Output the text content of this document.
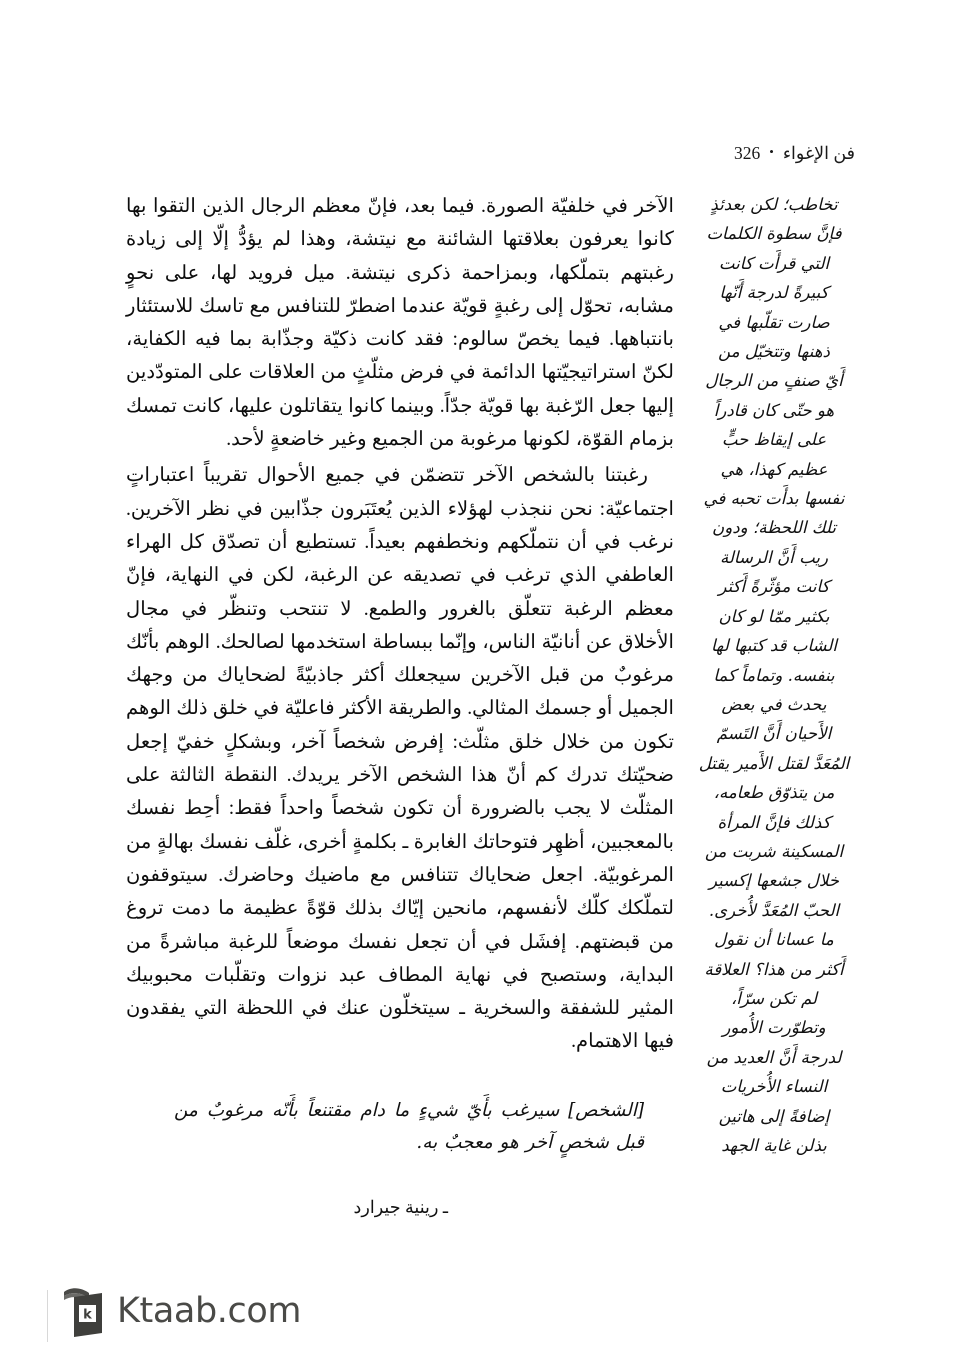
فن الإغواء
•
326

الآخر في خلفيّة الصورة. فيما بعد، فإنّ معظم الرجال الذين التقوا بها كانوا يعرفون بعلاقتها الشائنة مع نيتشة، وهذا لم يؤدُّ إلّا إلى زيادة رغبتهم بتملّكها، وبمزاحمة ذكرى نيتشة. ميل فرويد لها، على نحوٍ مشابه، تحوّل إلى رغبةٍ قويّة عندما اضطرّ للتنافس مع تاسك للاستئثار بانتباهها. فيما يخصّ سالوم: فقد كانت ذكيّة وجذّابة بما فيه الكفاية، لكنّ استراتيجيّتها الدائمة في فرض مثلّثٍ من العلاقات على المتودّدين إليها جعل الرّغبة بها قويّة جدّاً. وبينما كانوا يتقاتلون عليها، كانت تمسك بزمام القوّة، لكونها مرغوبة من الجميع وغير خاضعةٍ لأحد.

رغبتنا بالشخص الآخر تتضمّن في جميع الأحوال تقريباً اعتباراتٍ اجتماعيّة: نحن ننجذب لهؤلاء الذين يُعتَبَرون جذّابين في نظر الآخرين. نرغب في أن نتملّكهم ونخطفهم بعيداً. تستطيع أن تصدّق كل الهراء العاطفي الذي ترغب في تصديقه عن الرغبة، لكن في النهاية، فإنّ معظم الرغبة تتعلّق بالغرور والطمع. لا تنتحب وتنظّر في مجال الأخلاق عن أنانيّة الناس، وإنّما ببساطة استخدمها لصالحك. الوهم بأنّك مرغوبٌ من قبل الآخرين سيجعلك أكثر جاذبيّةً لضحاياك من وجهك الجميل أو جسمك المثالي. والطريقة الأكثر فاعليّة في خلق ذلك الوهم تكون من خلال خلق مثلّث: إفرض شخصاً آخر، وبشكلٍ خفيّ إجعل ضحيّتك تدرك كم أنّ هذا الشخص الآخر يريدك. النقطة الثالثة على المثلّث لا يجب بالضرورة أن تكون شخصاً واحداً فقط: أحِط نفسك بالمعجبين، أظهِر فتوحاتك الغابرة ـ بكلمةٍ أخرى، غلّف نفسك بهالةٍ من المرغوبيّة. اجعل ضحاياك تتنافس مع ماضيك وحاضرك. سيتوقفون لتملّكك كلّك لأنفسهم، مانحين إيّاك بذلك قوّةً عظيمة ما دمت تروغ من قبضتهم. إفشَل في أن تجعل نفسك موضعاً للرغبة مباشرةً من البداية، وستصبح في نهاية المطاف عبد نزوات وتقلّبات محبوبيك المثير للشفقة والسخرية ـ سيتخلّون عنك في اللحظة التي يفقدون فيها الاهتمام.

تخاطب؛ لكن بعدئذٍ

فإنَّ سطوة الكلمات

التي قرأَت كانت

كبيرةً لدرجة أَنّها

صارت تقلّبها في

ذهنها وتتخيّل من

أَيّ صنفٍ من الرجال

هو حتّى كان قادراً

على إيقاظ حبٍّ

عظيم كهذا، هي

نفسها بدأَت تحبه في

تلك اللحظة؛ ودون

ريب أَنَّ الرسالة

كانت مؤثّرةً أَكثر

بكثير ممّا لو كان

الشاب قد كتبها لها

بنفسه. وتماماً كما

يحدث في بعض

الأَحيان أَنَّ التَسمّ

المُعَدَّ لقتل الأَمير يقتل

من يتذوّق طعامه،

كذلك فإنَّ المرأة

المسكينة شربت من

خلال جشعها إكسير

الحبّ المُعَدَّ لأُخرى.

ما عسانا أن نقول

أَكثر من هذا؟ العلاقة

لم تكن سرّاً،

وتطوّرت الأُمور

لدرجة أَنَّ العديد من

النساء الأُخريات

إضافةً إلى هاتين

بذلن غاية الجهد

[الشخص] سيرغب بأَيّ شيءٍ ما دام مقتنعاً بأَنّه مرغوبٌ من قبل شخصٍ آخر هو معجبٌ به.

ـ رينية جيرارد

k Ktaab.com
